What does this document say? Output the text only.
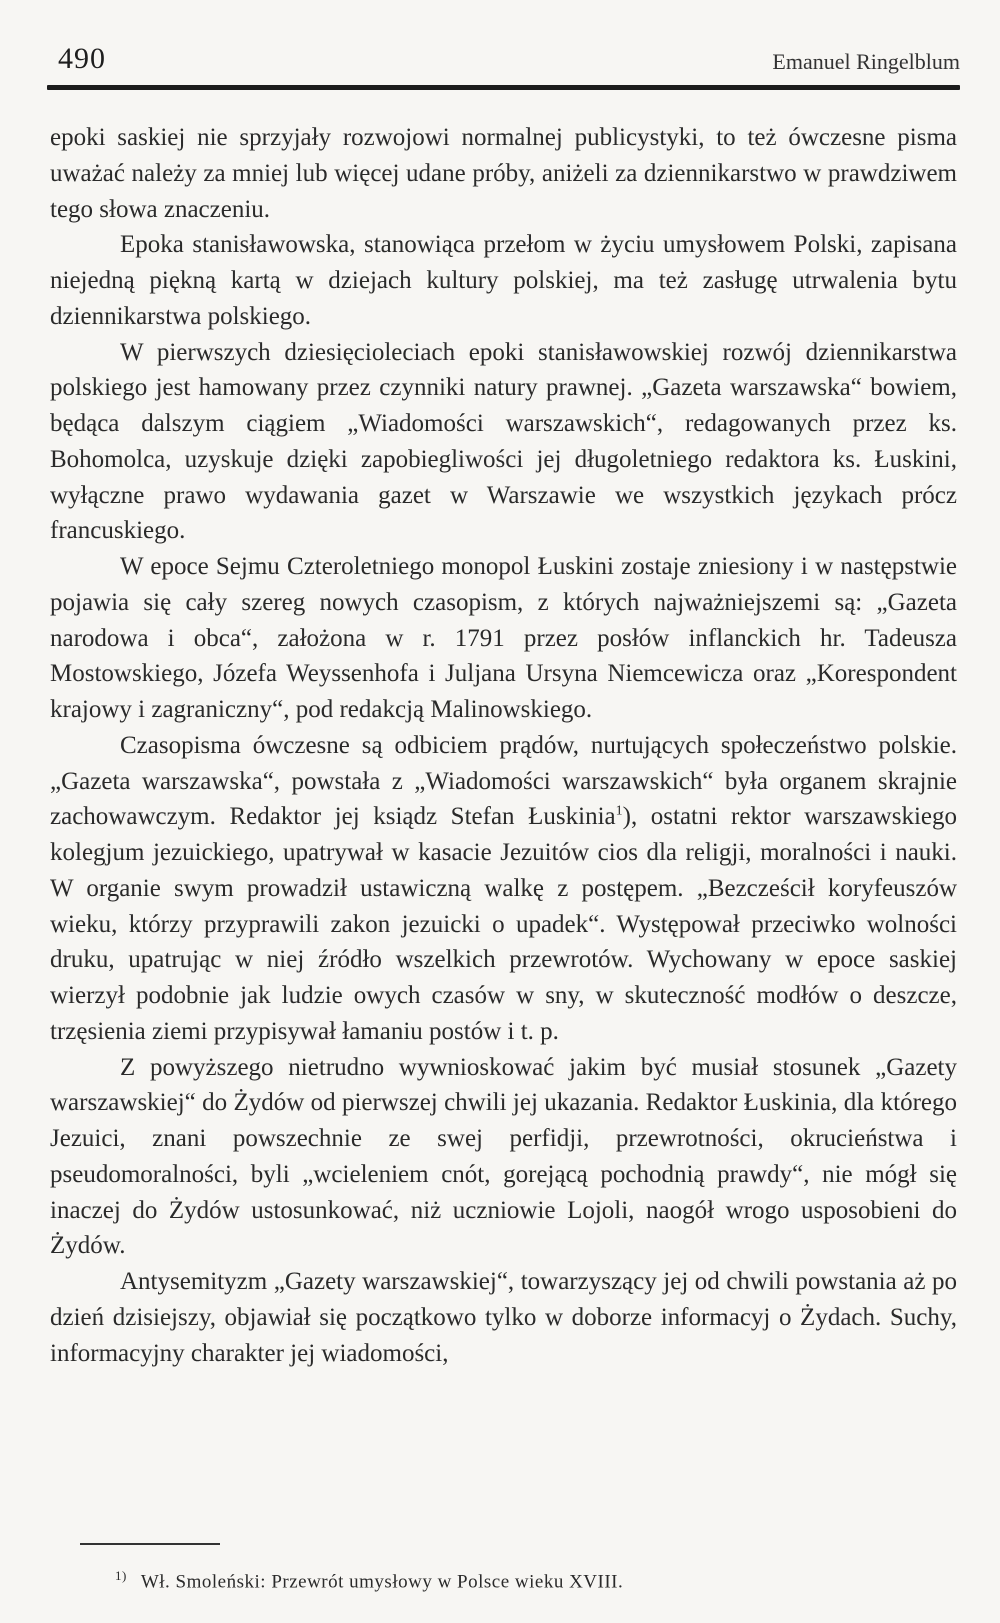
490	Emanuel Ringelblum

epoki saskiej nie sprzyjały rozwojowi normalnej publicystyki, to też ówczesne pisma uważać należy za mniej lub więcej udane próby, aniżeli za dziennikarstwo w prawdziwem tego słowa znaczeniu.

Epoka stanisławowska, stanowiąca przełom w życiu umysłowem Polski, zapisana niejedną piękną kartą w dziejach kultury polskiej, ma też zasługę utrwalenia bytu dziennikarstwa polskiego.

W pierwszych dziesięcioleciach epoki stanisławowskiej rozwój dziennikarstwa polskiego jest hamowany przez czynniki natury prawnej. „Gazeta warszawska“ bowiem, będąca dalszym ciągiem „Wiadomości warszawskich“, redagowanych przez ks. Bohomolca, uzyskuje dzięki zapobiegliwości jej długoletniego redaktora ks. Łuskini, wyłączne prawo wydawania gazet w Warszawie we wszystkich językach prócz francuskiego.

W epoce Sejmu Czteroletniego monopol Łuskini zostaje zniesiony i w następstwie pojawia się cały szereg nowych czasopism, z których najważniejszemi są: „Gazeta narodowa i obca“, założona w r. 1791 przez posłów inflanckich hr. Tadeusza Mostowskiego, Józefa Weyssenhofa i Juljana Ursyna Niemcewicza oraz „Korespondent krajowy i zagraniczny“, pod redakcją Malinowskiego.

Czasopisma ówczesne są odbiciem prądów, nurtujących społeczeństwo polskie. „Gazeta warszawska“, powstała z „Wiadomości warszawskich“ była organem skrajnie zachowawczym. Redaktor jej ksiądz Stefan Łuskinia$^1$), ostatni rektor warszawskiego kolegjum jezuickiego, upatrywał w kasacie Jezuitów cios dla religji, moralności i nauki. W organie swym prowadził ustawiczną walkę z postępem. „Bezcześcił koryfeuszów wieku, którzy przyprawili zakon jezuicki o upadek“. Występował przeciwko wolności druku, upatrując w niej źródło wszelkich przewrotów. Wychowany w epoce saskiej wierzył podobnie jak ludzie owych czasów w sny, w skuteczność modłów o deszcze, trzęsienia ziemi przypisywał łamaniu postów i t. p.

Z powyższego nietrudno wywnioskować jakim być musiał stosunek „Gazety warszawskiej“ do Żydów od pierwszej chwili jej ukazania. Redaktor Łuskinia, dla którego Jezuici, znani powszechnie ze swej perfidji, przewrotności, okrucieństwa i pseudomoralności, byli „wcieleniem cnót, gorejącą pochodnią prawdy“, nie mógł się inaczej do Żydów ustosunkować, niż uczniowie Lojoli, naogół wrogo usposobieni do Żydów.

Antysemityzm „Gazety warszawskiej“, towarzyszący jej od chwili powstania aż po dzień dzisiejszy, objawiał się początkowo tylko w doborze informacyj o Żydach. Suchy, informacyjny charakter jej wiadomości,

$^{1)}$ Wł. Smoleński: Przewrót umysłowy w Polsce wieku XVIII.
